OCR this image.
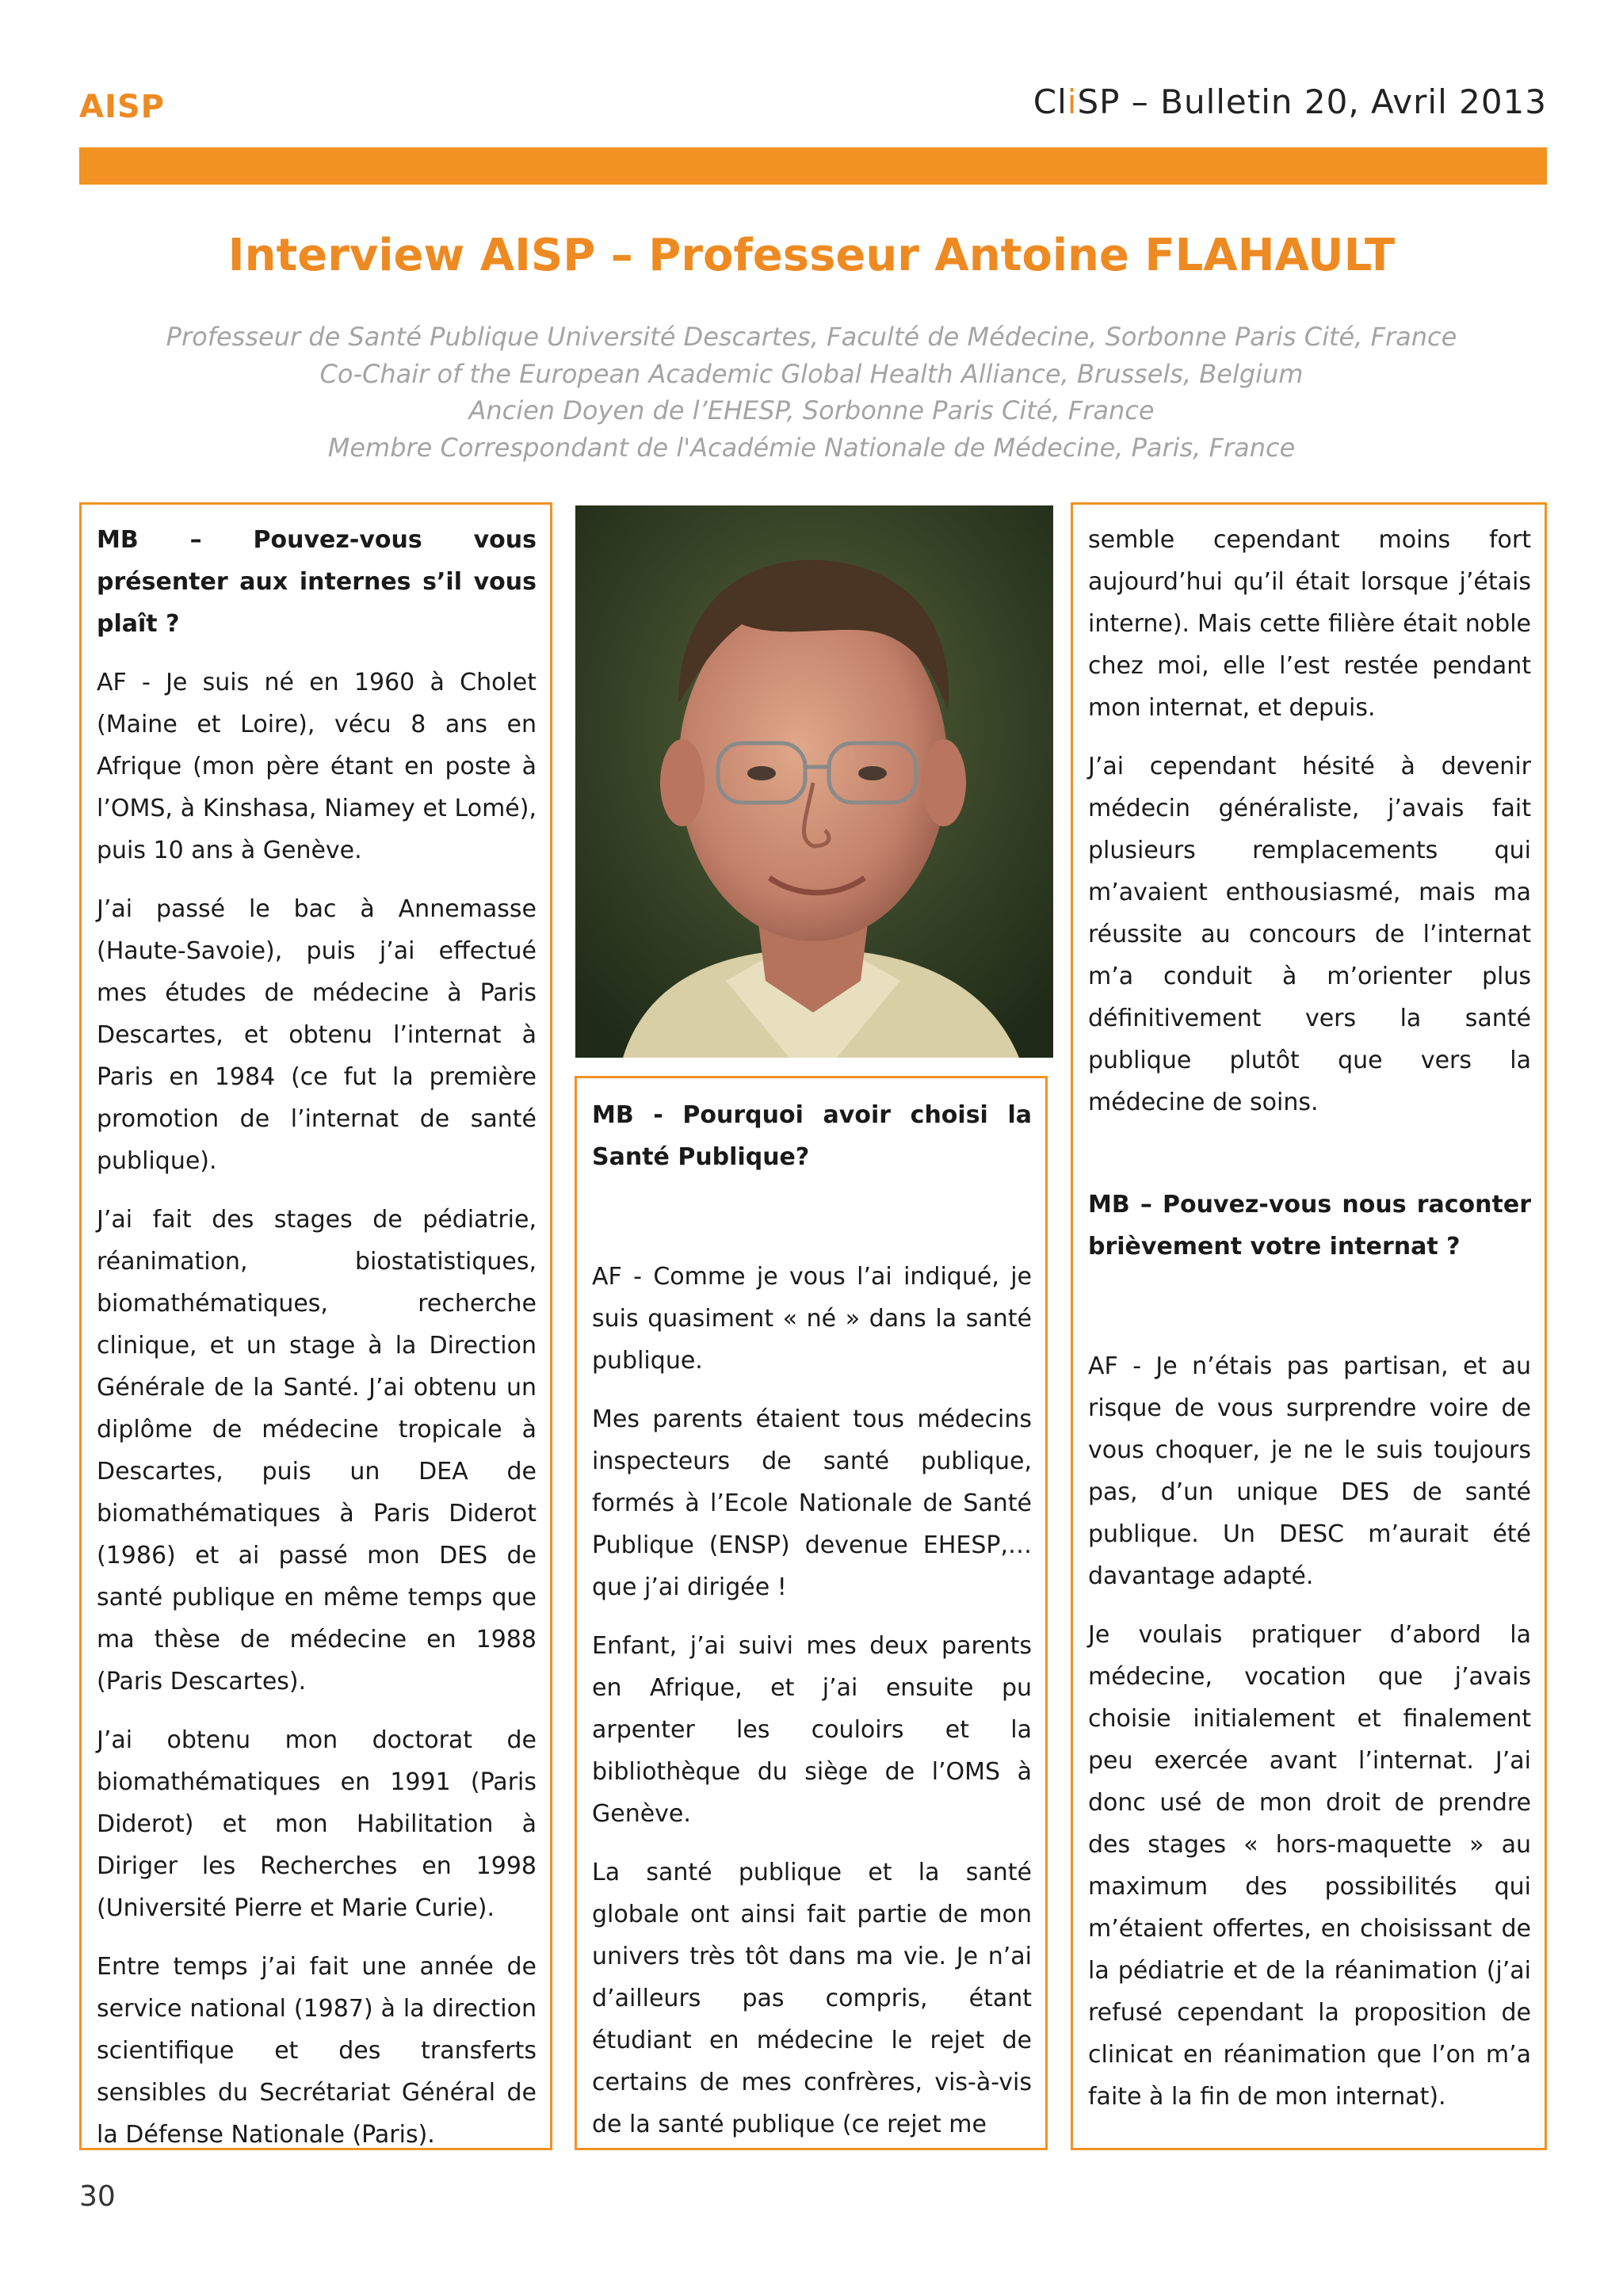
AISP	CliSP – Bulletin 20, Avril 2013
Interview AISP – Professeur Antoine FLAHAULT
Professeur de Santé Publique Université Descartes, Faculté de Médecine, Sorbonne Paris Cité, France
Co-Chair of the European Academic Global Health Alliance, Brussels, Belgium
Ancien Doyen de l’EHESP, Sorbonne Paris Cité, France
Membre Correspondant de l'Académie Nationale de Médecine, Paris, France

MB – Pouvez-vous vous présenter aux internes s’il vous plaît ?

AF - Je suis né en 1960 à Cholet (Maine et Loire), vécu 8 ans en Afrique (mon père étant en poste à l’OMS, à Kinshasa, Niamey et Lomé), puis 10 ans à Genève.

J’ai passé le bac à Annemasse (Haute-Savoie), puis j’ai effectué mes études de médecine à Paris Descartes, et obtenu l’internat à Paris en 1984 (ce fut la première promotion de l’internat de santé publique).

J’ai fait des stages de pédiatrie, réanimation, biostatistiques, biomathématiques, recherche clinique, et un stage à la Direction Générale de la Santé. J’ai obtenu un diplôme de médecine tropicale à Descartes, puis un DEA de biomathématiques à Paris Diderot (1986) et ai passé mon DES de santé publique en même temps que ma thèse de médecine en 1988 (Paris Descartes).

J’ai obtenu mon doctorat de biomathématiques en 1991 (Paris Diderot) et mon Habilitation à Diriger les Recherches en 1998 (Université Pierre et Marie Curie).

Entre temps j’ai fait une année de service national (1987) à la direction scientifique et des transferts sensibles du Secrétariat Général de la Défense Nationale (Paris).

MB - Pourquoi avoir choisi la Santé Publique?

AF - Comme je vous l’ai indiqué, je suis quasiment « né » dans la santé publique.

Mes parents étaient tous médecins inspecteurs de santé publique, formés à l’Ecole Nationale de Santé Publique (ENSP) devenue EHESP,… que j’ai dirigée !

Enfant, j’ai suivi mes deux parents en Afrique, et j’ai ensuite pu arpenter les couloirs et la bibliothèque du siège de l’OMS à Genève.

La santé publique et la santé globale ont ainsi fait partie de mon univers très tôt dans ma vie. Je n’ai d’ailleurs pas compris, étant étudiant en médecine le rejet de certains de mes confrères, vis-à-vis de la santé publique (ce rejet me

semble cependant moins fort aujourd’hui qu’il était lorsque j’étais interne). Mais cette filière était noble chez moi, elle l’est restée pendant mon internat, et depuis.

J’ai cependant hésité à devenir médecin généraliste, j’avais fait plusieurs remplacements qui m’avaient enthousiasmé, mais ma réussite au concours de l’internat m’a conduit à m’orienter plus définitivement vers la santé publique plutôt que vers la médecine de soins.

MB – Pouvez-vous nous raconter brièvement votre internat ?

AF - Je n’étais pas partisan, et au risque de vous surprendre voire de vous choquer, je ne le suis toujours pas, d’un unique DES de santé publique. Un DESC m’aurait été davantage adapté.

Je voulais pratiquer d’abord la médecine, vocation que j’avais choisie initialement et finalement peu exercée avant l’internat. J’ai donc usé de mon droit de prendre des stages « hors-maquette » au maximum des possibilités qui m’étaient offertes, en choisissant de la pédiatrie et de la réanimation (j’ai refusé cependant la proposition de clinicat en réanimation que l’on m’a faite à la fin de mon internat).

30
